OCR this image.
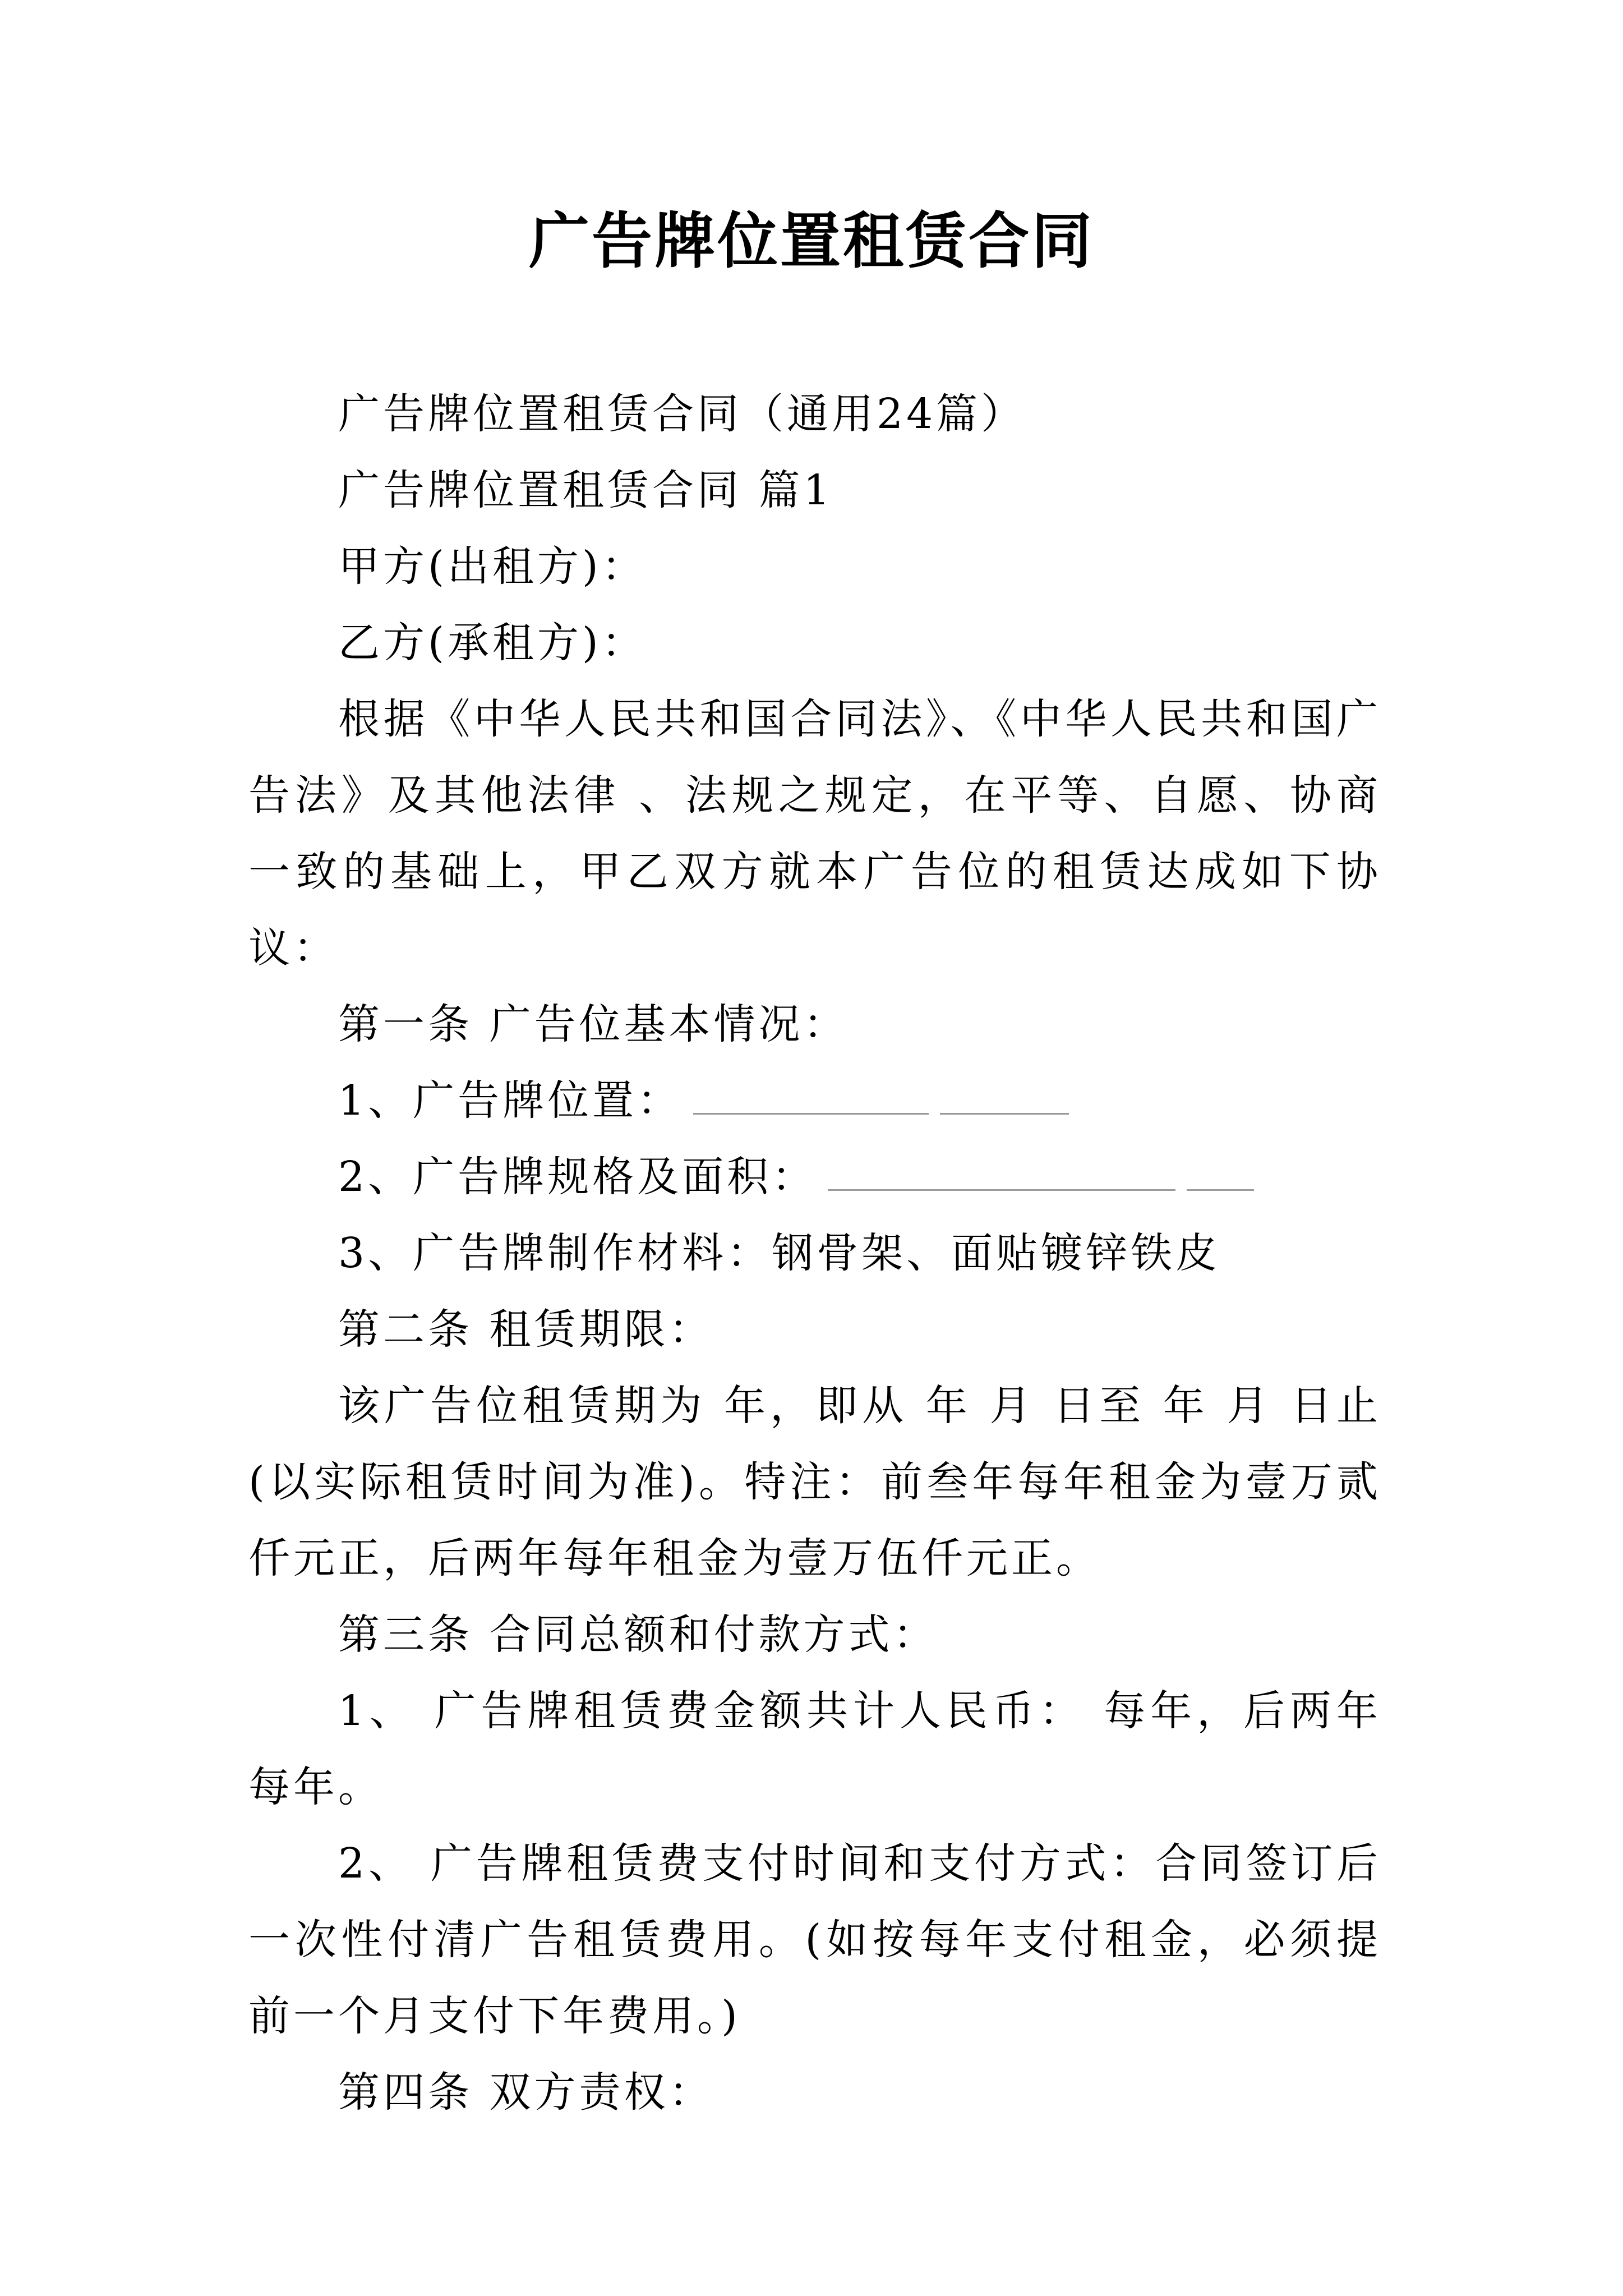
广告牌位置租赁合同

广告牌位置租赁合同（通用24篇）

广告牌位置租赁合同 篇1

甲方(出租方)：

乙方(承租方)：

根据《中华人民共和国合同法》、《中华人民共和国广告法》及其他法律 、法规之规定，在平等、自愿、协商一致的基础上，甲乙双方就本广告位的租赁达成如下协议：

第一条 广告位基本情况：

1、广告牌位置：

2、广告牌规格及面积：

3、广告牌制作材料：钢骨架、面贴镀锌铁皮

第二条 租赁期限：

该广告位租赁期为 年，即从 年 月 日至 年 月 日止(以实际租赁时间为准)。特注：前叁年每年租金为壹万贰仟元正，后两年每年租金为壹万伍仟元正。

第三条 合同总额和付款方式：

1、 广告牌租赁费金额共计人民币： 每年，后两年 每年。

2、 广告牌租赁费支付时间和支付方式：合同签订后一次性付清广告租赁费用。(如按每年支付租金，必须提前一个月支付下年费用。)

第四条 双方责权：
